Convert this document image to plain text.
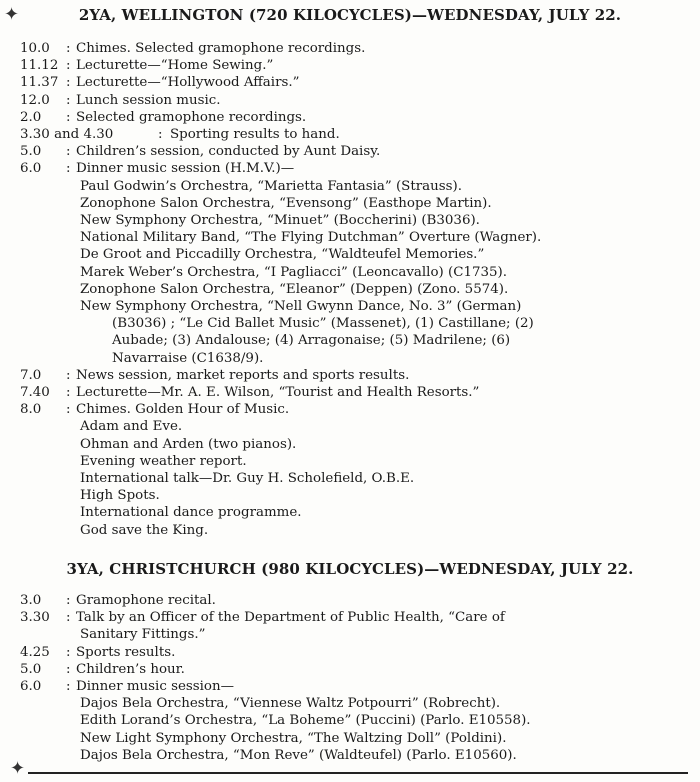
✦
✦
2YA, WELLINGTON (720 KILOCYCLES)—WEDNESDAY, JULY 22.
10.0 : Chimes. Selected gramophone recordings.
11.12 : Lecturette—“Home Sewing.”
11.37 : Lecturette—“Hollywood Affairs.”
12.0 : Lunch session music.
2.0 : Selected gramophone recordings.
3.30 and 4.30	: Sporting results to hand.
5.0 : Children’s session, conducted by Aunt Daisy.
6.0 : Dinner music session (H.M.V.)—
Paul Godwin’s Orchestra, “Marietta Fantasia” (Strauss).
Zonophone Salon Orchestra, “Evensong” (Easthope Martin).
New Symphony Orchestra, “Minuet” (Boccherini) (B3036).
National Military Band, “The Flying Dutchman” Overture (Wagner).
De Groot and Piccadilly Orchestra, “Waldteufel Memories.”
Marek Weber’s Orchestra, “I Pagliacci” (Leoncavallo) (C1735).
Zonophone Salon Orchestra, “Eleanor” (Deppen) (Zono. 5574).
New Symphony Orchestra, “Nell Gwynn Dance, No. 3” (German)
(B3036) ; “Le Cid Ballet Music” (Massenet), (1) Castillane; (2)
Aubade; (3) Andalouse; (4) Arragonaise; (5) Madrilene; (6)
Navarraise (C1638/9).
7.0 : News session, market reports and sports results.
7.40 : Lecturette—Mr. A. E. Wilson, “Tourist and Health Resorts.”
8.0 : Chimes. Golden Hour of Music.
Adam and Eve.
Ohman and Arden (two pianos).
Evening weather report.
International talk—Dr. Guy H. Scholefield, O.B.E.
High Spots.
International dance programme.
God save the King.
3YA, CHRISTCHURCH (980 KILOCYCLES)—WEDNESDAY, JULY 22.
3.0 : Gramophone recital.
3.30 : Talk by an Officer of the Department of Public Health, “Care of
Sanitary Fittings.”
4.25 : Sports results.
5.0 : Children’s hour.
6.0 : Dinner music session—
Dajos Bela Orchestra, “Viennese Waltz Potpourri” (Robrecht).
Edith Lorand’s Orchestra, “La Boheme” (Puccini) (Parlo. E10558).
New Light Symphony Orchestra, “The Waltzing Doll” (Poldini).
Dajos Bela Orchestra, “Mon Reve” (Waldteufel) (Parlo. E10560).
